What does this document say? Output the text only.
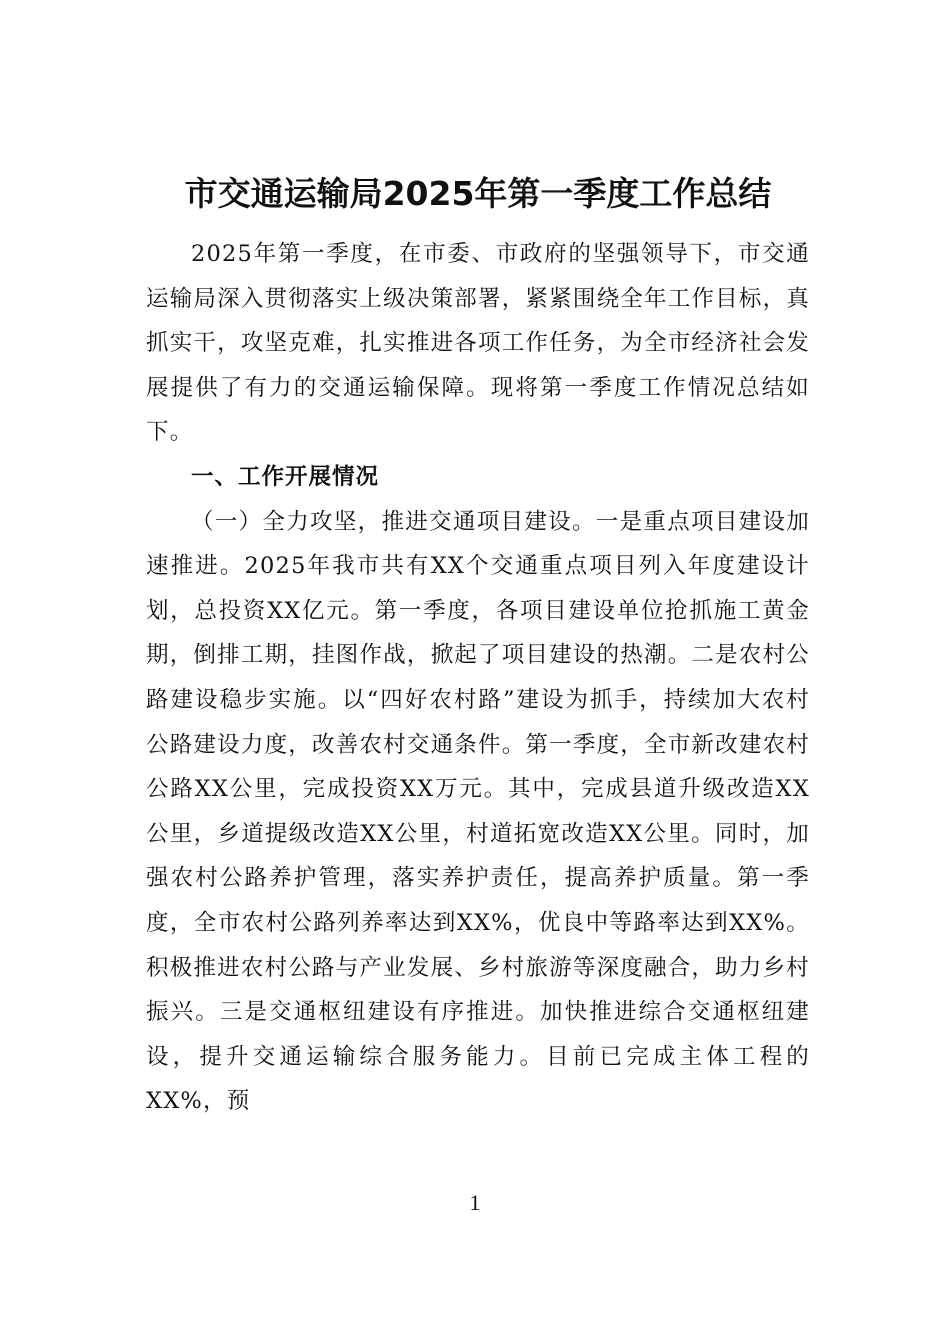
市交通运输局2025年第一季度工作总结

2025年第一季度，在市委、市政府的坚强领导下，市交通运输局深入贯彻落实上级决策部署，紧紧围绕全年工作目标，真抓实干，攻坚克难，扎实推进各项工作任务，为全市经济社会发展提供了有力的交通运输保障。现将第一季度工作情况总结如下。

一、工作开展情况

（一）全力攻坚，推进交通项目建设。一是重点项目建设加速推进。2025年我市共有XX个交通重点项目列入年度建设计划，总投资XX亿元。第一季度，各项目建设单位抢抓施工黄金期，倒排工期，挂图作战，掀起了项目建设的热潮。二是农村公路建设稳步实施。以“四好农村路”建设为抓手，持续加大农村公路建设力度，改善农村交通条件。第一季度，全市新改建农村公路XX公里，完成投资XX万元。其中，完成县道升级改造XX公里，乡道提级改造XX公里，村道拓宽改造XX公里。同时，加强农村公路养护管理，落实养护责任，提高养护质量。第一季度，全市农村公路列养率达到XX%，优良中等路率达到XX%。积极推进农村公路与产业发展、乡村旅游等深度融合，助力乡村振兴。三是交通枢纽建设有序推进。加快推进综合交通枢纽建设，提升交通运输综合服务能力。目前已完成主体工程的XX%，预

1
